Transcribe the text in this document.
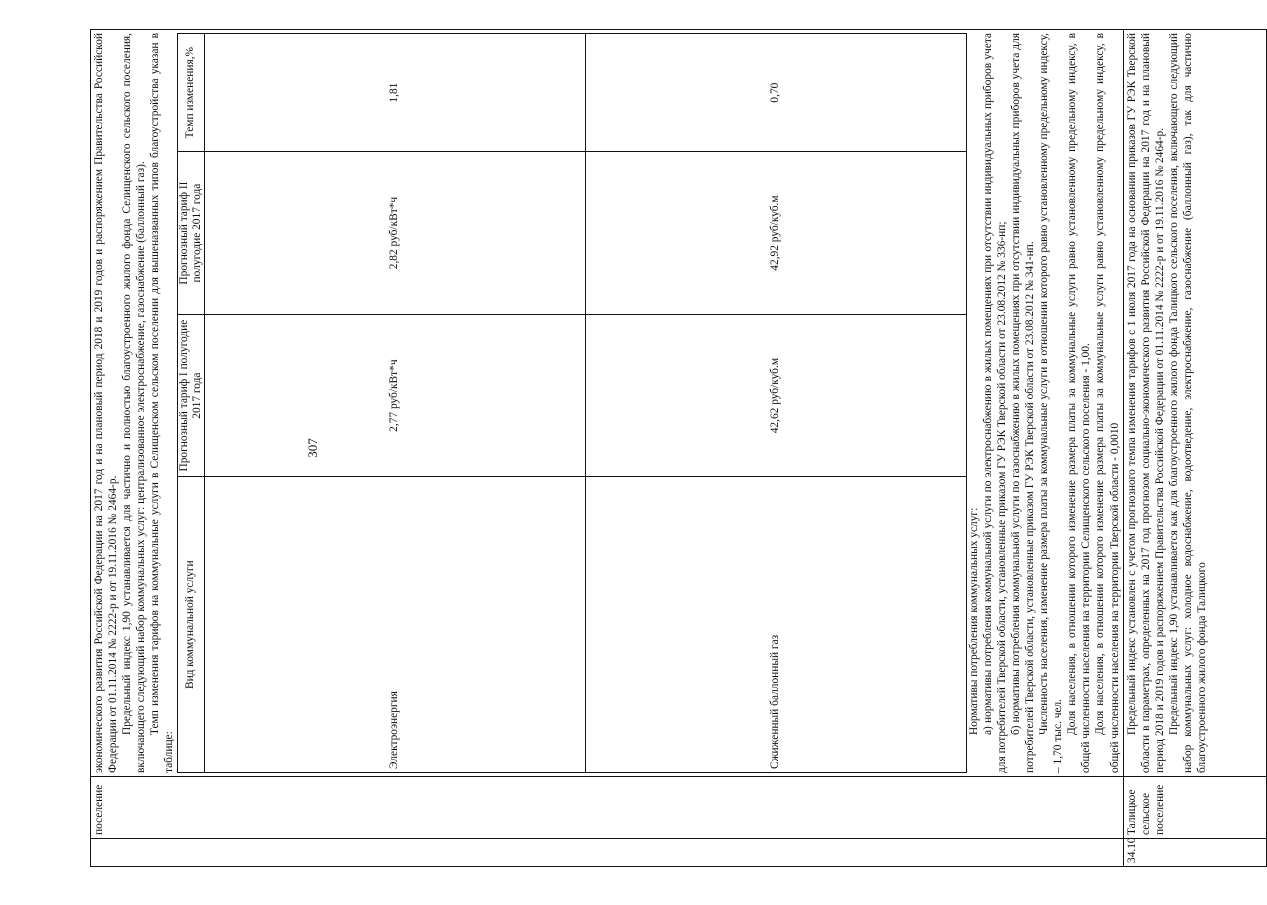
307
	поселение	

экономического развития Российской Федерации на 2017 год и на плановый период 2018 и 2019 годов и распоряжением Правительства Российской Федерации от 01.11.2014 № 2222-р и от 19.11.2016 № 2464-р. Предельный индекс 1,90 устанавливается для частично и полностью благоустроенного жилого фонда Селищенского сельского поселения, включающего следующий набор коммунальных услуг: централизованное электроснабжение, газоснабжение (баллонный газ). Темп изменения тарифов на коммунальные услуги в Селищенском сельском поселении для вышеназванных типов благоустройства указан в таблице:

Вид коммунальной услуги	Прогнозный тариф I полугодие 2017 года	Прогнозный тариф II полугодие 2017 года	Темп изменения,%
Электроэнергия	2,77 руб/кВт*ч	2,82 руб/кВт*ч	1,81
Сжиженный баллонный газ	42,62 руб/куб.м	42,92 руб/куб.м	0,70

Нормативы потребления коммунальных услуг: а) нормативы потребления коммунальной услуги по электроснабжению в жилых помещениях при отсутствии индивидуальных приборов учета для потребителей Тверской области, установленные приказом ГУ РЭК Тверской области от 23.08.2012 № 336-нп; б) нормативы потребления коммунальной услуги по газоснабжению в жилых помещениях при отсутствии индивидуальных приборов учета для потребителей Тверской области, установленные приказом ГУ РЭК Тверской области от 23.08.2012 № 341-нп. Численность населения, изменение размера платы за коммунальные услуги в отношении которого равно установленному предельному индексу, – 1,70 тыс. чел.

Доля населения, в отношении которого изменение размера платы за коммунальные услуги равно установленному предельному индексу, в общей численности населения на территории Селищенского сельского поселения - 1,00. Доля населения, в отношении которого изменение размера платы за коммунальные услуги равно установленному предельному индексу, в общей численности населения на территории Тверской области - 0,0010

34.10	Талицкое сельское поселение	

Предельный индекс установлен с учетом прогнозного темпа изменения тарифов с 1 июля 2017 года на основании приказов ГУ РЭК Тверской области в параметрах, определенных на 2017 год прогнозом социально-экономического развития Российской Федерации на 2017 год и на плановый период 2018 и 2019 годов и распоряжением Правительства Российской Федерации от 01.11.2014 № 2222-р и от 19.11.2016 № 2464-р. Предельный индекс 1,90 устанавливается как для благоустроенного жилого фонда Талицкого сельского поселения, включающего следующий набор коммунальных услуг: холодное водоснабжение, водоотведение, электроснабжение, газоснабжение (баллонный газ), так для частично благоустроенного жилого фонда Талицкого
